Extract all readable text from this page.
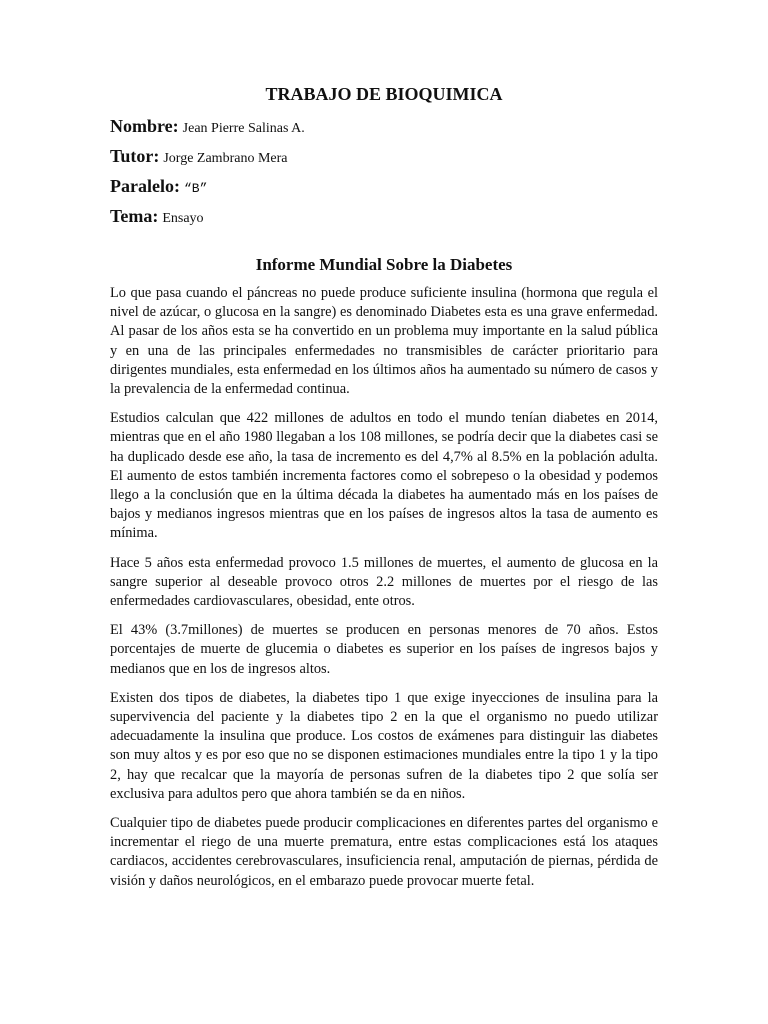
TRABAJO DE BIOQUIMICA
Nombre: Jean Pierre Salinas A.
Tutor: Jorge Zambrano Mera
Paralelo: “B”
Tema: Ensayo
Informe Mundial Sobre la Diabetes

Lo que pasa cuando el páncreas no puede produce suficiente insulina (hormona que regula el nivel de azúcar, o glucosa en la sangre) es denominado Diabetes esta es una grave enfermedad. Al pasar de los años esta se ha convertido en un problema muy importante en la salud pública y en una de las principales enfermedades no transmisibles de carácter prioritario para dirigentes mundiales, esta enfermedad en los últimos años ha aumentado su número de casos y la prevalencia de la enfermedad continua.

Estudios calculan que 422 millones de adultos en todo el mundo tenían diabetes en 2014, mientras que en el año 1980 llegaban a los 108 millones, se podría decir que la diabetes casi se ha duplicado desde ese año, la tasa de incremento es del 4,7% al 8.5% en la población adulta. El aumento de estos también incrementa factores como el sobrepeso o la obesidad y podemos llego a la conclusión que en la última década la diabetes ha aumentado más en los países de bajos y medianos ingresos mientras que en los países de ingresos altos la tasa de aumento es mínima.

Hace 5 años esta enfermedad provoco 1.5 millones de muertes, el aumento de glucosa en la sangre superior al deseable provoco otros 2.2 millones de muertes por el riesgo de las enfermedades cardiovasculares, obesidad, ente otros.

El 43% (3.7millones) de muertes se producen en personas menores de 70 años. Estos porcentajes de muerte de glucemia o diabetes es superior en los países de ingresos bajos y medianos que en los de ingresos altos.

Existen dos tipos de diabetes, la diabetes tipo 1 que exige inyecciones de insulina para la supervivencia del paciente y la diabetes tipo 2 en la que el organismo no puedo utilizar adecuadamente la insulina que produce. Los costos de exámenes para distinguir las diabetes son muy altos y es por eso que no se disponen estimaciones mundiales entre la tipo 1 y la tipo 2, hay que recalcar que la mayoría de personas sufren de la diabetes tipo 2 que solía ser exclusiva para adultos pero que ahora también se da en niños.

Cualquier tipo de diabetes puede producir complicaciones en diferentes partes del organismo e incrementar el riego de una muerte prematura, entre estas complicaciones está los ataques cardiacos, accidentes cerebrovasculares, insuficiencia renal, amputación de piernas, pérdida de visión y daños neurológicos, en el embarazo puede provocar muerte fetal.
